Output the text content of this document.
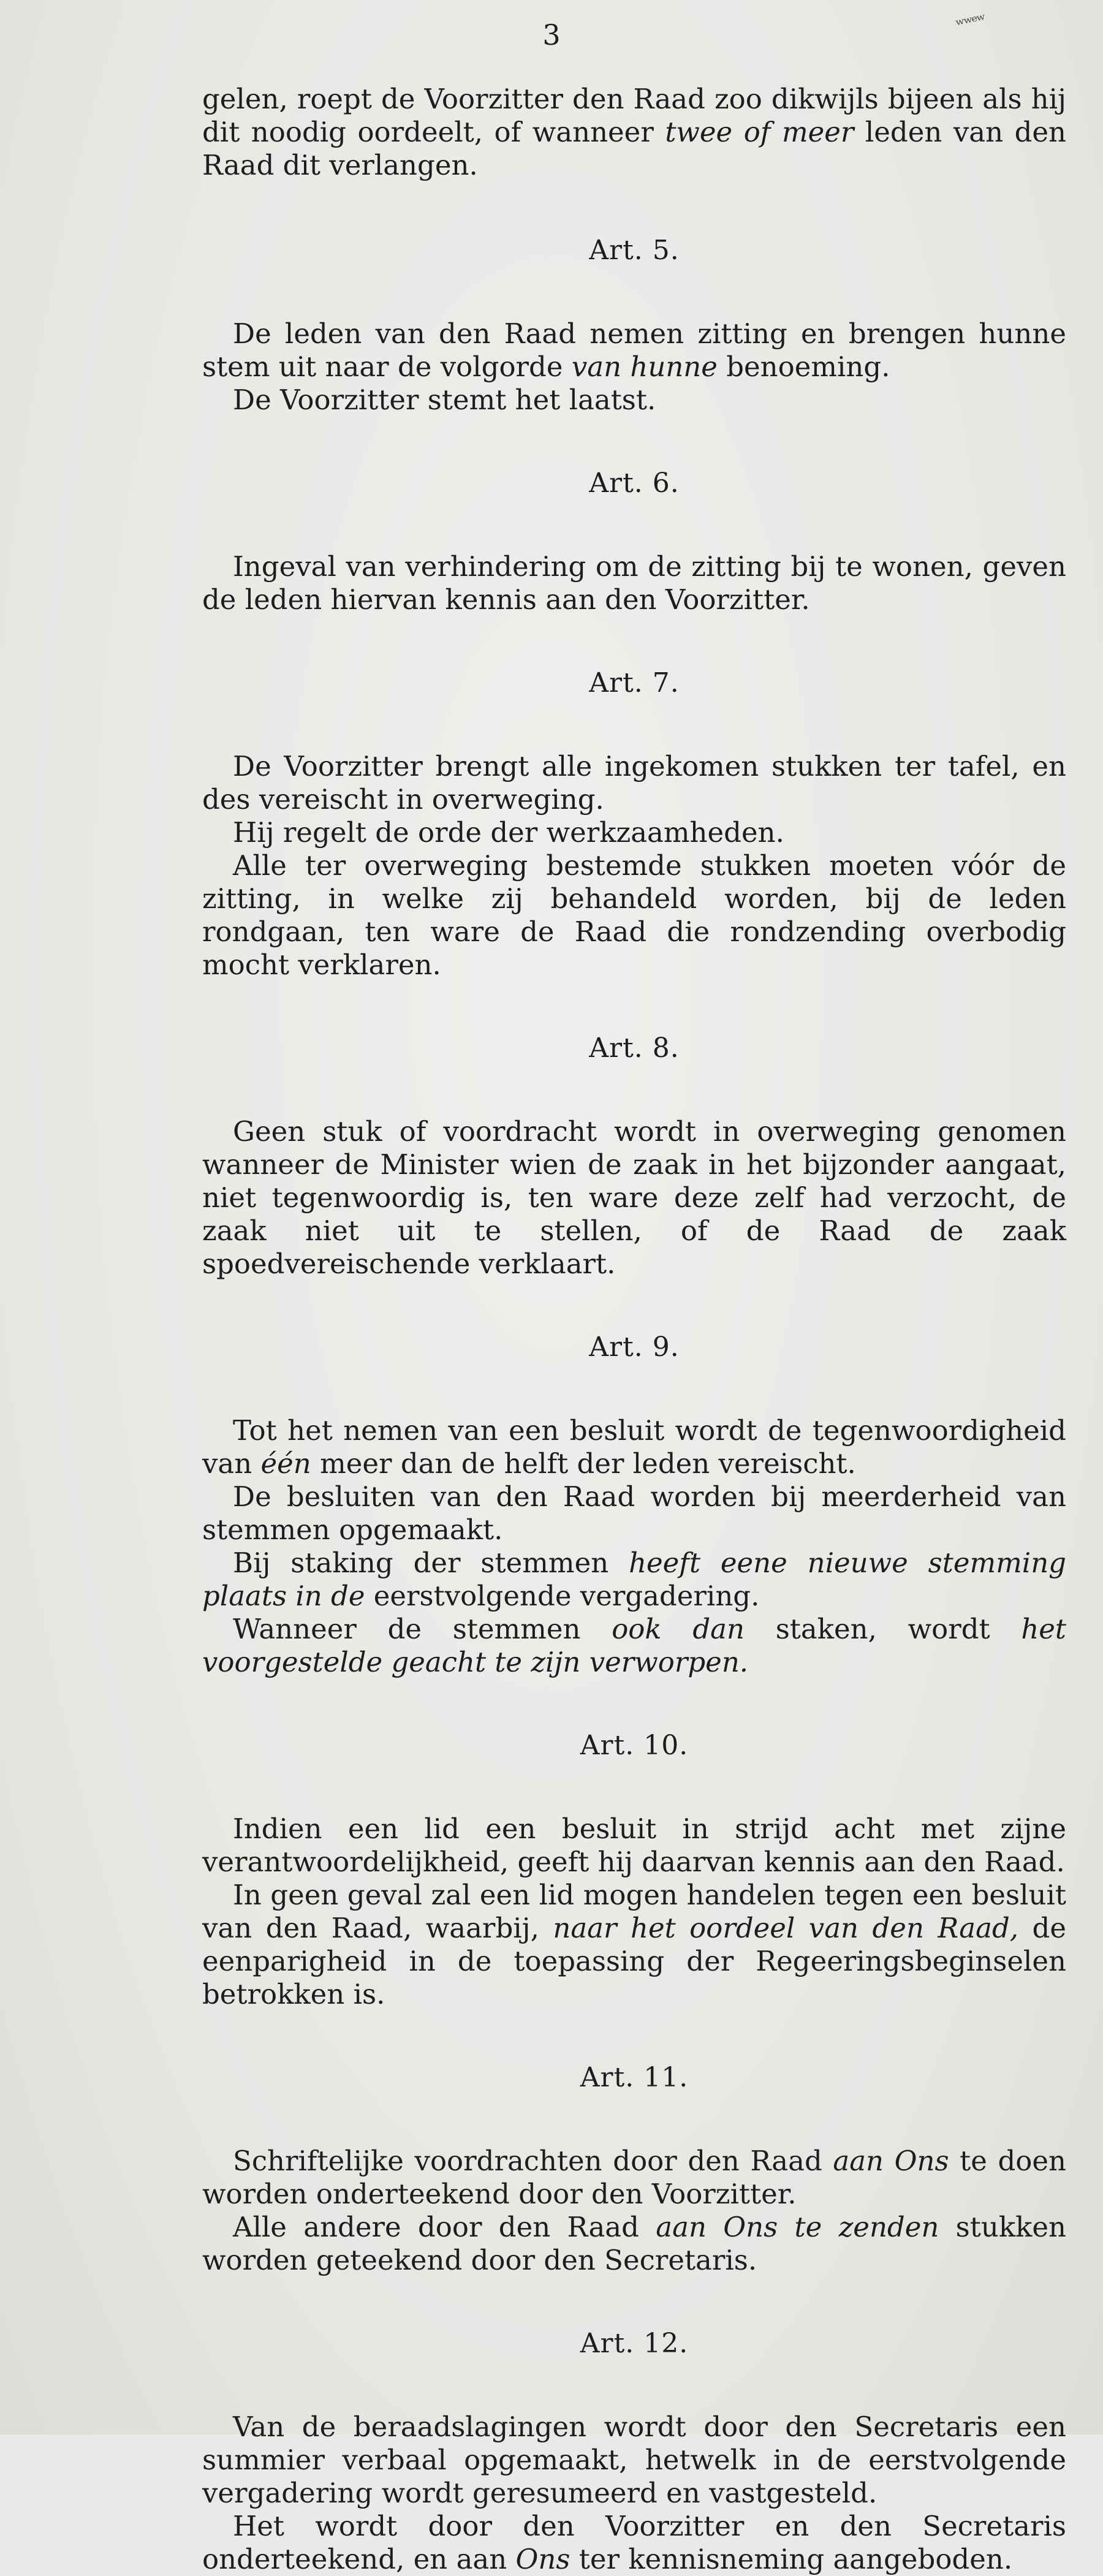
3	ʷʷᵉʷ

gelen, roept de Voorzitter den Raad zoo dikwijls bijeen als hij dit noodig oordeelt, of wanneer twee of meer leden van den Raad dit verlangen.

Art. 5.

De leden van den Raad nemen zitting en brengen hunne stem uit naar de volgorde van hunne benoeming.

De Voorzitter stemt het laatst.

Art. 6.

Ingeval van verhindering om de zitting bij te wonen, geven de leden hiervan kennis aan den Voorzitter.

Art. 7.

De Voorzitter brengt alle ingekomen stukken ter tafel, en des vereischt in overweging.

Hij regelt de orde der werkzaamheden.

Alle ter overweging bestemde stukken moeten vóór de zitting, in welke zij behandeld worden, bij de leden rondgaan, ten ware de Raad die rondzending overbodig mocht verklaren.

Art. 8.

Geen stuk of voordracht wordt in overweging genomen wanneer de Minister wien de zaak in het bijzonder aangaat, niet tegenwoordig is, ten ware deze zelf had verzocht, de zaak niet uit te stellen, of de Raad de zaak spoedvereischende verklaart.

Art. 9.

Tot het nemen van een besluit wordt de tegenwoordigheid van één meer dan de helft der leden vereischt.

De besluiten van den Raad worden bij meerderheid van stemmen opgemaakt.

Bij staking der stemmen heeft eene nieuwe stemming plaats in de eerstvolgende vergadering.

Wanneer de stemmen ook dan staken, wordt het voorgestelde geacht te zijn verworpen.

Art. 10.

Indien een lid een besluit in strijd acht met zijne verantwoordelijkheid, geeft hij daarvan kennis aan den Raad.

In geen geval zal een lid mogen handelen tegen een besluit van den Raad, waarbij, naar het oordeel van den Raad, de eenparigheid in de toepassing der Regeeringsbeginselen betrokken is.

Art. 11.

Schriftelijke voordrachten door den Raad aan Ons te doen worden onderteekend door den Voorzitter.

Alle andere door den Raad aan Ons te zenden stukken worden geteekend door den Secretaris.

Art. 12.

Van de beraadslagingen wordt door den Secretaris een summier verbaal opgemaakt, hetwelk in de eerstvolgende vergadering wordt geresumeerd en vastgesteld.

Het wordt door den Voorzitter en den Secretaris onderteekend, en aan Ons ter kennisneming aangeboden.
